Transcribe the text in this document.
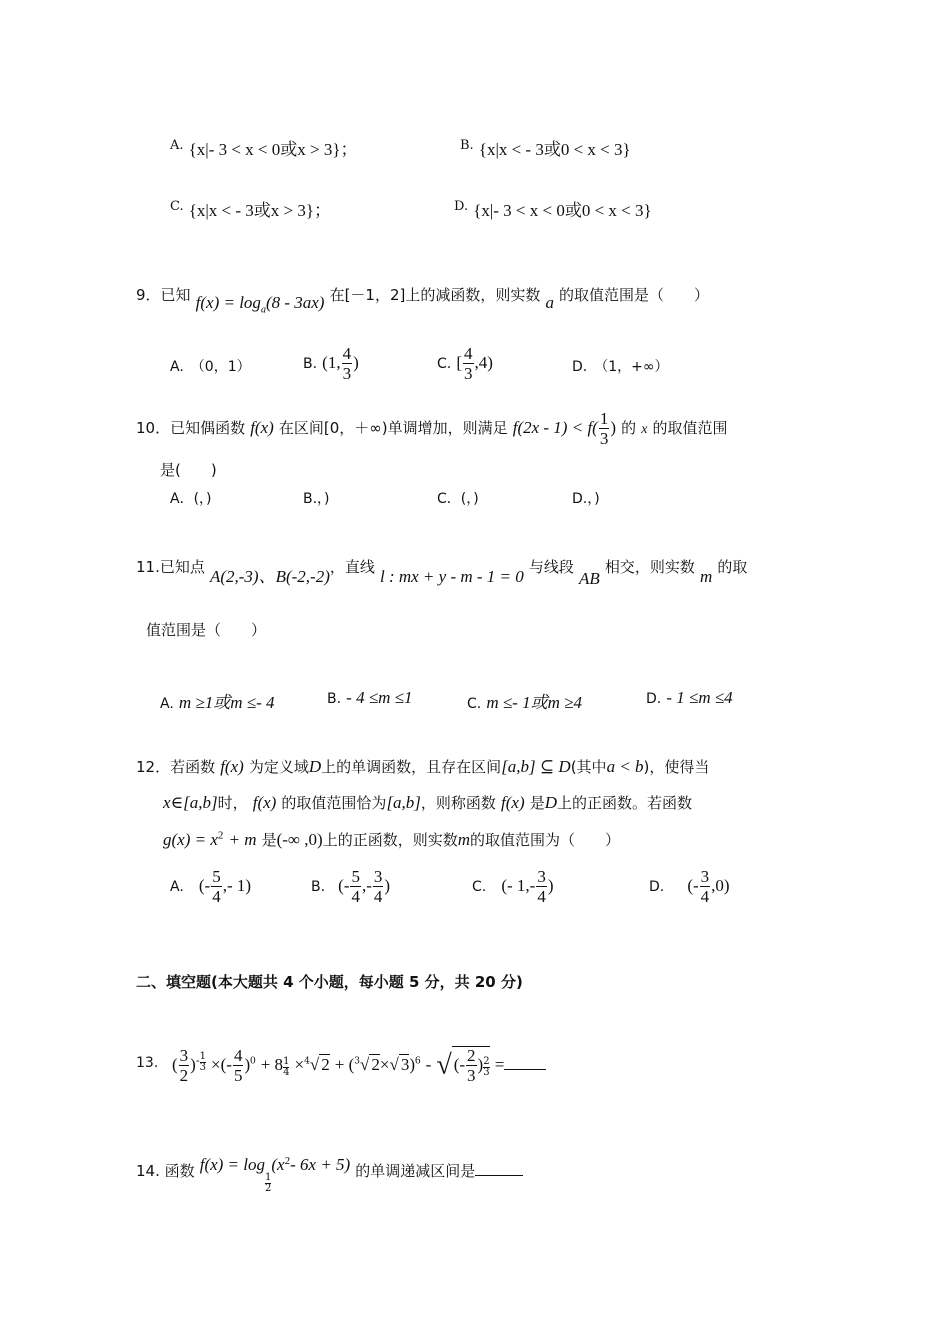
$^{A.}$ {x|- 3 < x < 0或x > 3}；	$^{B.}$ {x|x < - 3或0 < x < 3}
$^{C.}$ {x|x < - 3或x > 3}；	$^{D.}$ {x|- 3 < x < 0或0 < x < 3}
9．已知 $f(x) = \log_a(8 - 3ax)$ 在[－1，2]上的减函数，则实数 a 的取值范围是（　　）
A.　（0，1）	B. (1, $\frac{4}{3}$ )	C. [ $\frac{4}{3} ,4$)	D.　（1，+∞）
10．已知偶函数 f(x) 在区间[0，＋∞)单调增加，则满足 $f(2x - 1) < f( \frac{1}{3}$ ) 的 x 的取值范围
是(　　)
A．(，)	B.，)	C．(，)	D.，)
11.已知点 A(2,-3)、B(-2,-2)，直线 l : mx + y - m - 1 = 0 与线段 AB 相交，则实数 m 的取
值范围是（　　）
A. m ≥1或m ≤- 4	B. - 4 ≤m ≤1	C. m ≤- 1或m ≥4	D. - 1 ≤m ≤4
12．若函数 f(x) 为定义域D上的单调函数，且存在区间[a,b] ⊆ D(其中a < b)，使得当
x∈[a,b]时， f(x) 的取值范围恰为[a,b]，则称函数 f(x) 是D上的正函数。若函数
$g(x) = x^2 + m$ 是(-∞ ,0)上的正函数，则实数m的取值范围为（　　）
A. (- $\frac{5}{4}$ ,- 1)	B. (- $\frac{5}{4}$ ,- $\frac{3}{4}$ )	C. (- $1,- \frac{3}{4}$ )	D. (- $\frac{3}{4} ,0$)
二、填空题(本大题共 4 个小题，每小题 5 分，共 20 分)
13. ( $\frac{3}{2} )^{- \frac{1}{3}}$ ×(- $\frac{4}{5} )^0 + 8 \frac{1}{4} \times^4√$ 2 + ($^3$√ 2×√ 3)$^6$ - √ (- $\frac{2}{3}$ ) $\frac{2}{3}$ =
14. 函数 f(x) = log
$\frac{1}{2}$
($x^2-$ 6x + 5) 的单调递减区间是
